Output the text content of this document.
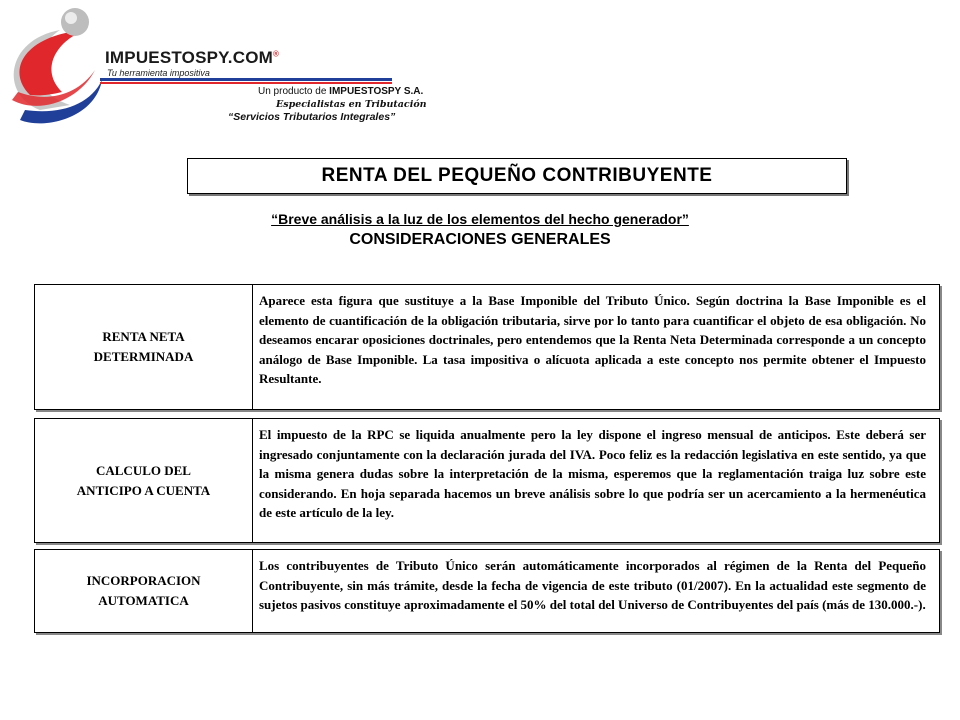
IMPUESTOSPY.COM®
Tu herramienta impositiva
Un producto de IMPUESTOSPY S.A.
Especialistas en Tributación
“Servicios Tributarios Integrales”
RENTA DEL PEQUEÑO CONTRIBUYENTE
“Breve análisis a la luz de los elementos del hecho generador”
CONSIDERACIONES GENERALES
RENTA NETA
DETERMINADA
Aparece esta figura que sustituye a la Base Imponible del Tributo Único. Según doctrina la Base Imponible es el elemento de cuantificación de la obligación tributaria, sirve por lo tanto para cuantificar el objeto de esa obligación. No deseamos encarar oposiciones doctrinales, pero entendemos que la Renta Neta Determinada corresponde a un concepto análogo de Base Imponible. La tasa impositiva o alícuota aplicada a este concepto nos permite obtener el Impuesto Resultante.
CALCULO DEL
ANTICIPO A CUENTA
El impuesto de la RPC se liquida anualmente pero la ley dispone el ingreso mensual de anticipos. Este deberá ser ingresado conjuntamente con la declaración jurada del IVA. Poco feliz es la redacción legislativa en este sentido, ya que la misma genera dudas sobre la interpretación de la misma, esperemos que la reglamentación traiga luz sobre este considerando. En hoja separada hacemos un breve análisis sobre lo que podría ser un acercamiento a la hermenéutica de este artículo de la ley.
INCORPORACION
AUTOMATICA
Los contribuyentes de Tributo Único serán automáticamente incorporados al régimen de la Renta del Pequeño Contribuyente, sin más trámite, desde la fecha de vigencia de este tributo (01/2007). En la actualidad este segmento de sujetos pasivos constituye aproximadamente el 50% del total del Universo de Contribuyentes del país (más de 130.000.-).
